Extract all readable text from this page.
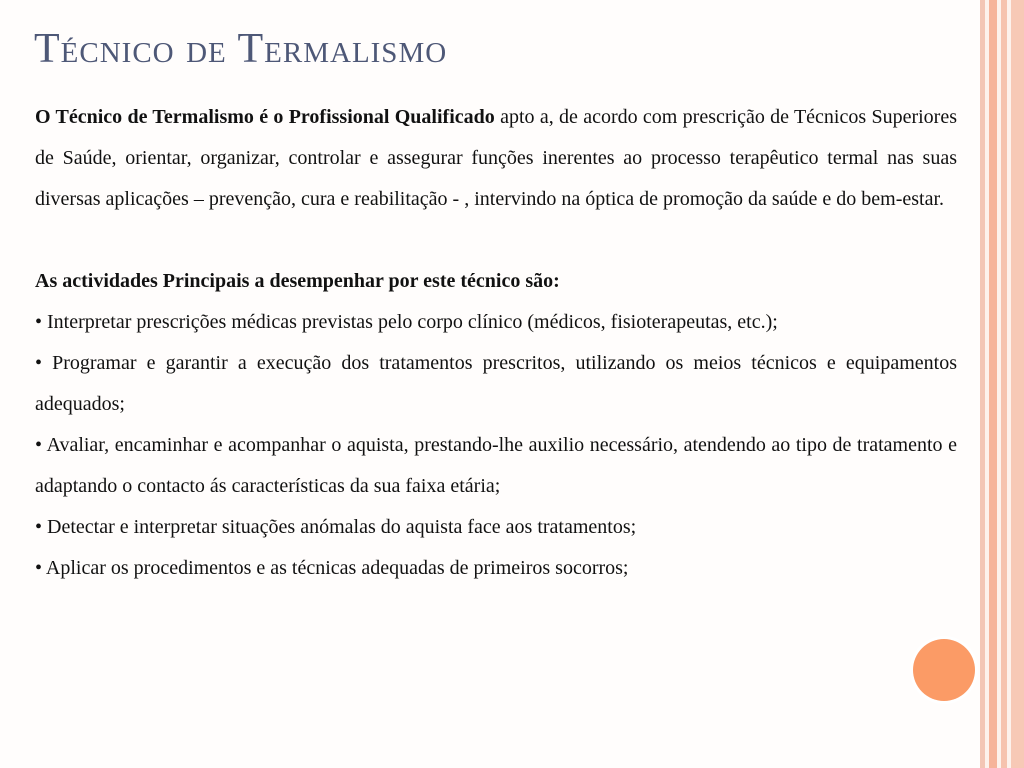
Técnico de Termalismo

O Técnico de Termalismo é o Profissional Qualificado apto a, de acordo com prescrição de Técnicos Superiores de Saúde, orientar, organizar, controlar e assegurar funções inerentes ao processo terapêutico termal nas suas diversas aplicações – prevenção, cura e reabilitação - , intervindo na óptica de promoção da saúde e do bem-estar.

As actividades Principais a desempenhar por este técnico são:

• Interpretar prescrições médicas previstas pelo corpo clínico (médicos, fisioterapeutas, etc.);

• Programar e garantir a execução dos tratamentos prescritos, utilizando os meios técnicos e equipamentos adequados;

• Avaliar, encaminhar e acompanhar o aquista, prestando-lhe auxilio necessário, atendendo ao tipo de tratamento e adaptando o contacto ás características da sua faixa etária;

• Detectar e interpretar situações anómalas do aquista face aos tratamentos;

• Aplicar os procedimentos e as técnicas adequadas de primeiros socorros;
